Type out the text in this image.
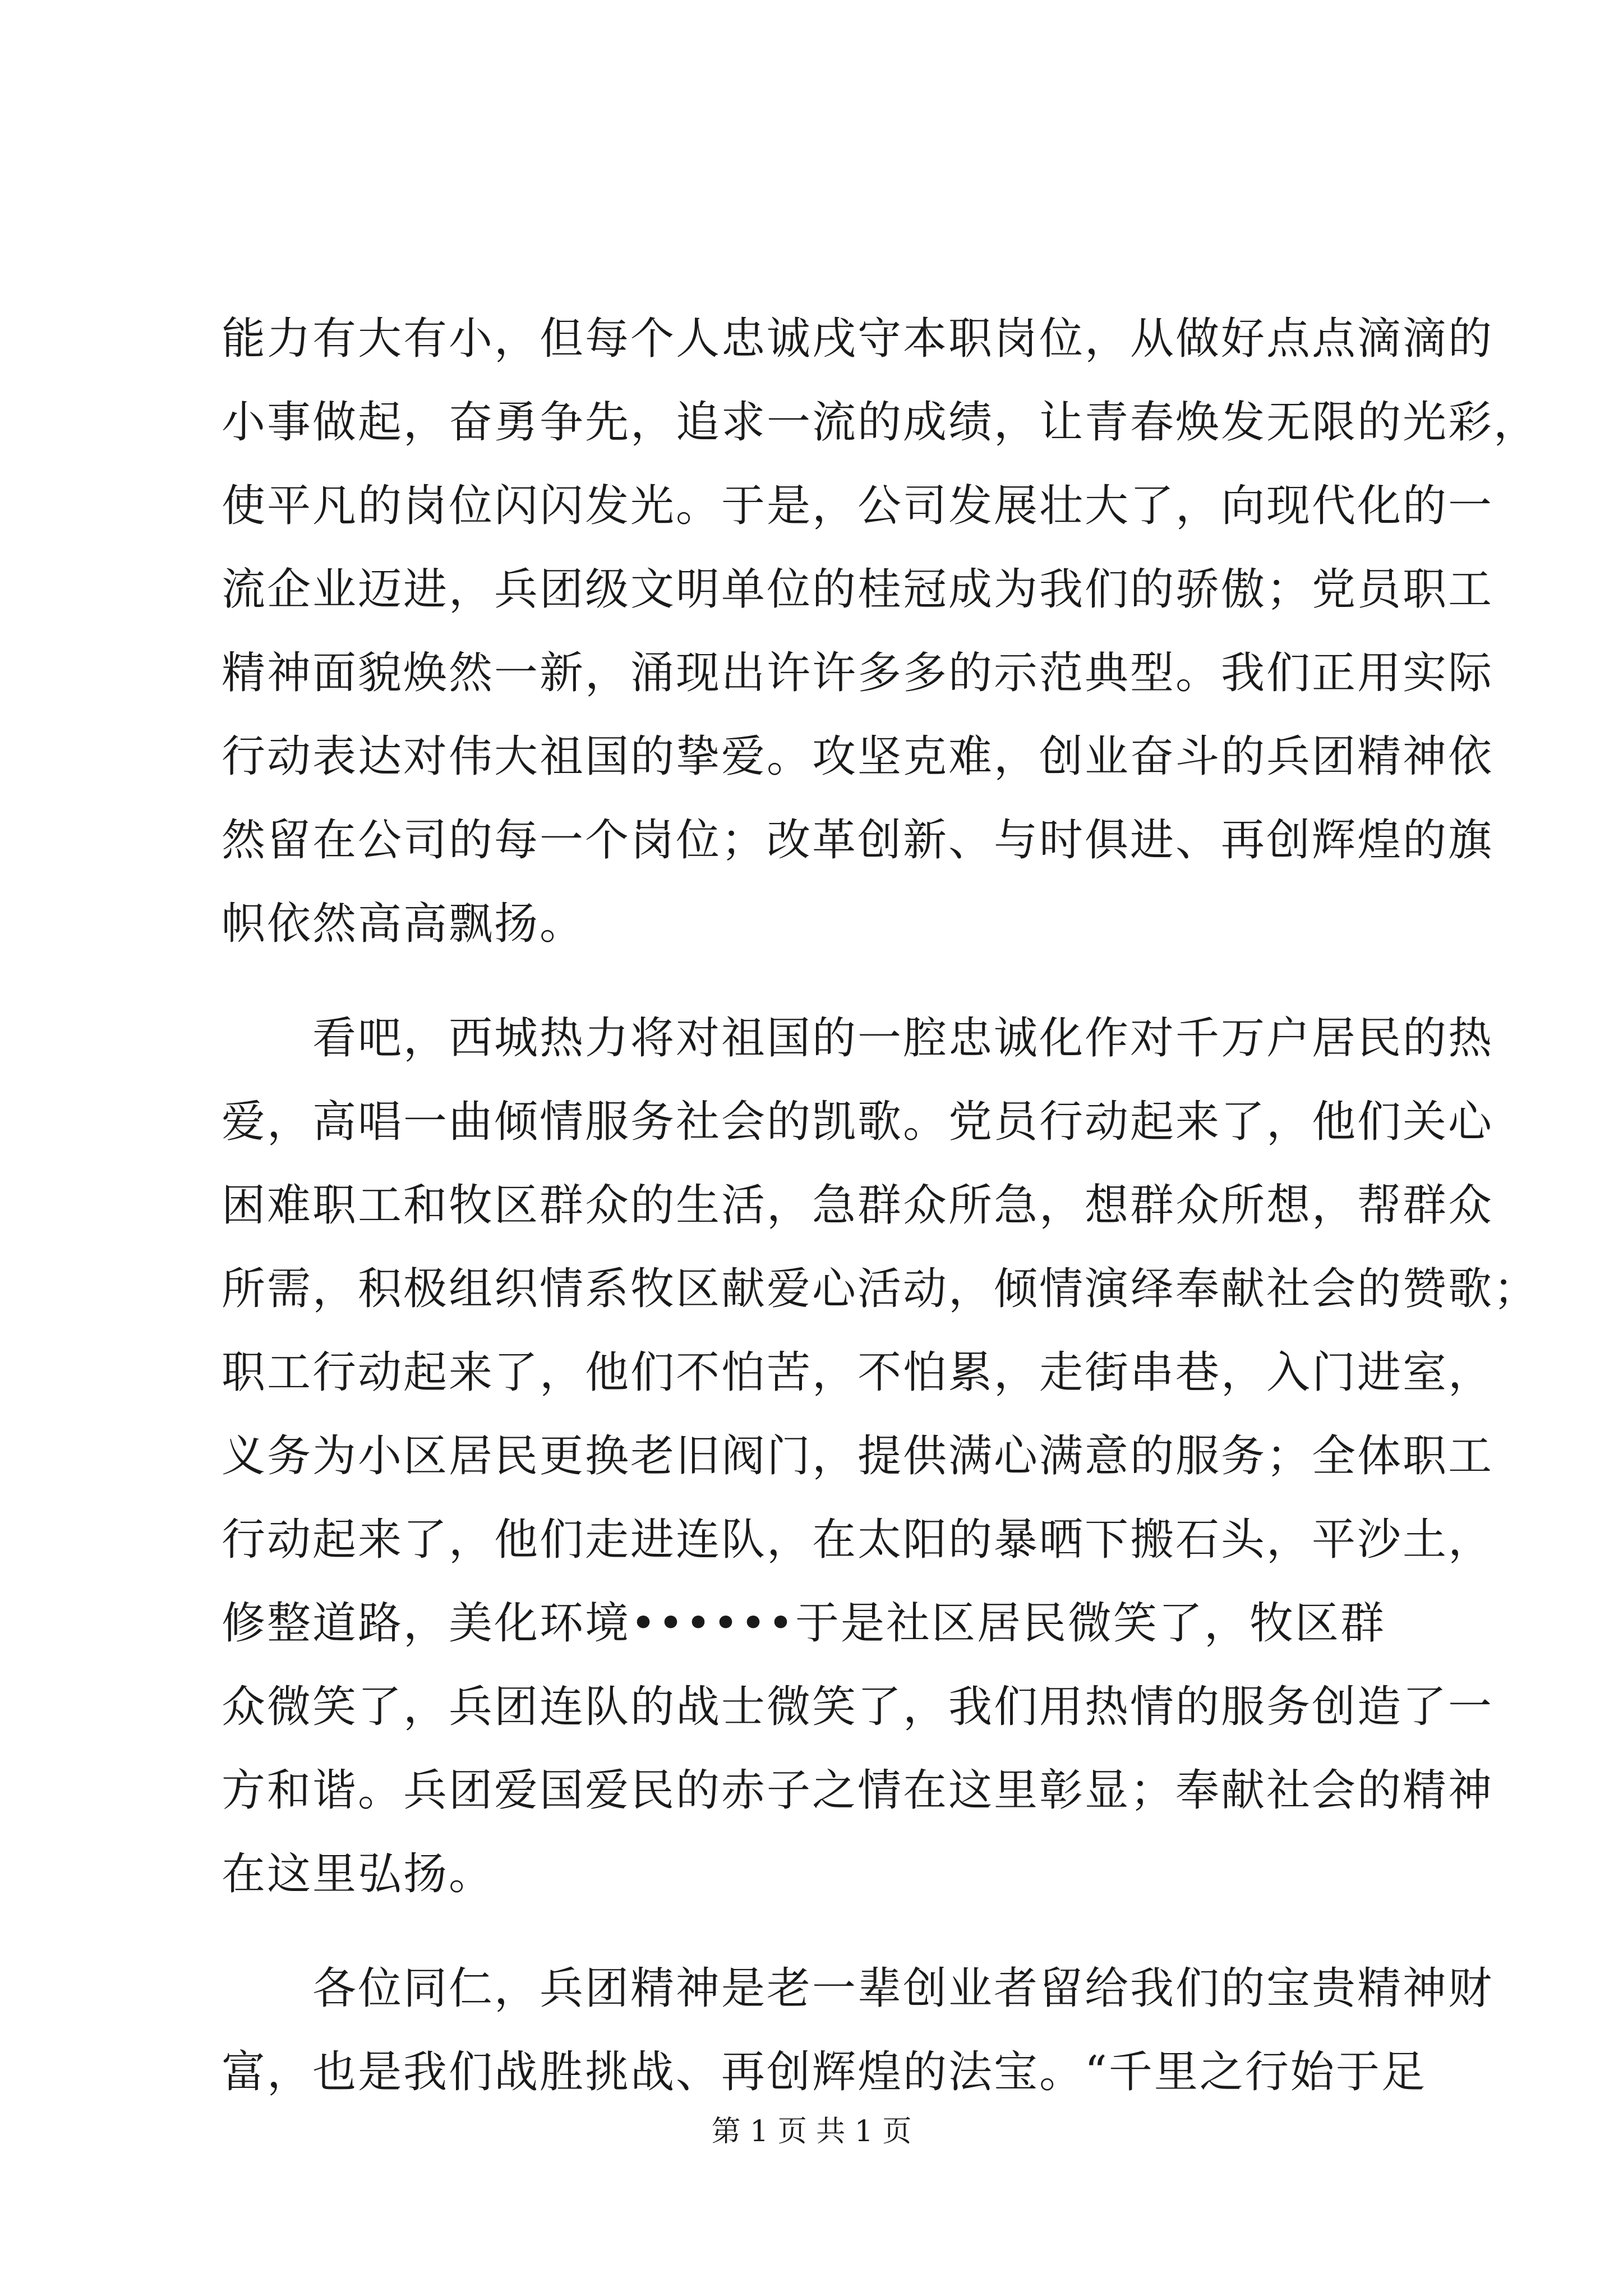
能力有大有小，但每个人忠诚戌守本职岗位，从做好点点滴滴的
小事做起，奋勇争先，追求一流的成绩，让青春焕发无限的光彩，
使平凡的岗位闪闪发光。于是，公司发展壮大了，向现代化的一
流企业迈进，兵团级文明单位的桂冠成为我们的骄傲；党员职工
精神面貌焕然一新，涌现出许许多多的示范典型。我们正用实际
行动表达对伟大祖国的挚爱。攻坚克难，创业奋斗的兵团精神依
然留在公司的每一个岗位；改革创新、与时俱进、再创辉煌的旗
帜依然高高飘扬。
　　看吧，西城热力将对祖国的一腔忠诚化作对千万户居民的热
爱，高唱一曲倾情服务社会的凯歌。党员行动起来了，他们关心
困难职工和牧区群众的生活，急群众所急，想群众所想，帮群众
所需，积极组织情系牧区献爱心活动，倾情演绎奉献社会的赞歌；
职工行动起来了，他们不怕苦，不怕累，走街串巷，入门进室，
义务为小区居民更换老旧阀门，提供满心满意的服务；全体职工
行动起来了，他们走进连队，在太阳的暴晒下搬石头，平沙土，
修整道路，美化环境••••••于是社区居民微笑了，牧区群
众微笑了，兵团连队的战士微笑了，我们用热情的服务创造了一
方和谐。兵团爱国爱民的赤子之情在这里彰显；奉献社会的精神
在这里弘扬。
　　各位同仁，兵团精神是老一辈创业者留给我们的宝贵精神财
富，也是我们战胜挑战、再创辉煌的法宝。“千里之行始于足
第 1 页 共 1 页
